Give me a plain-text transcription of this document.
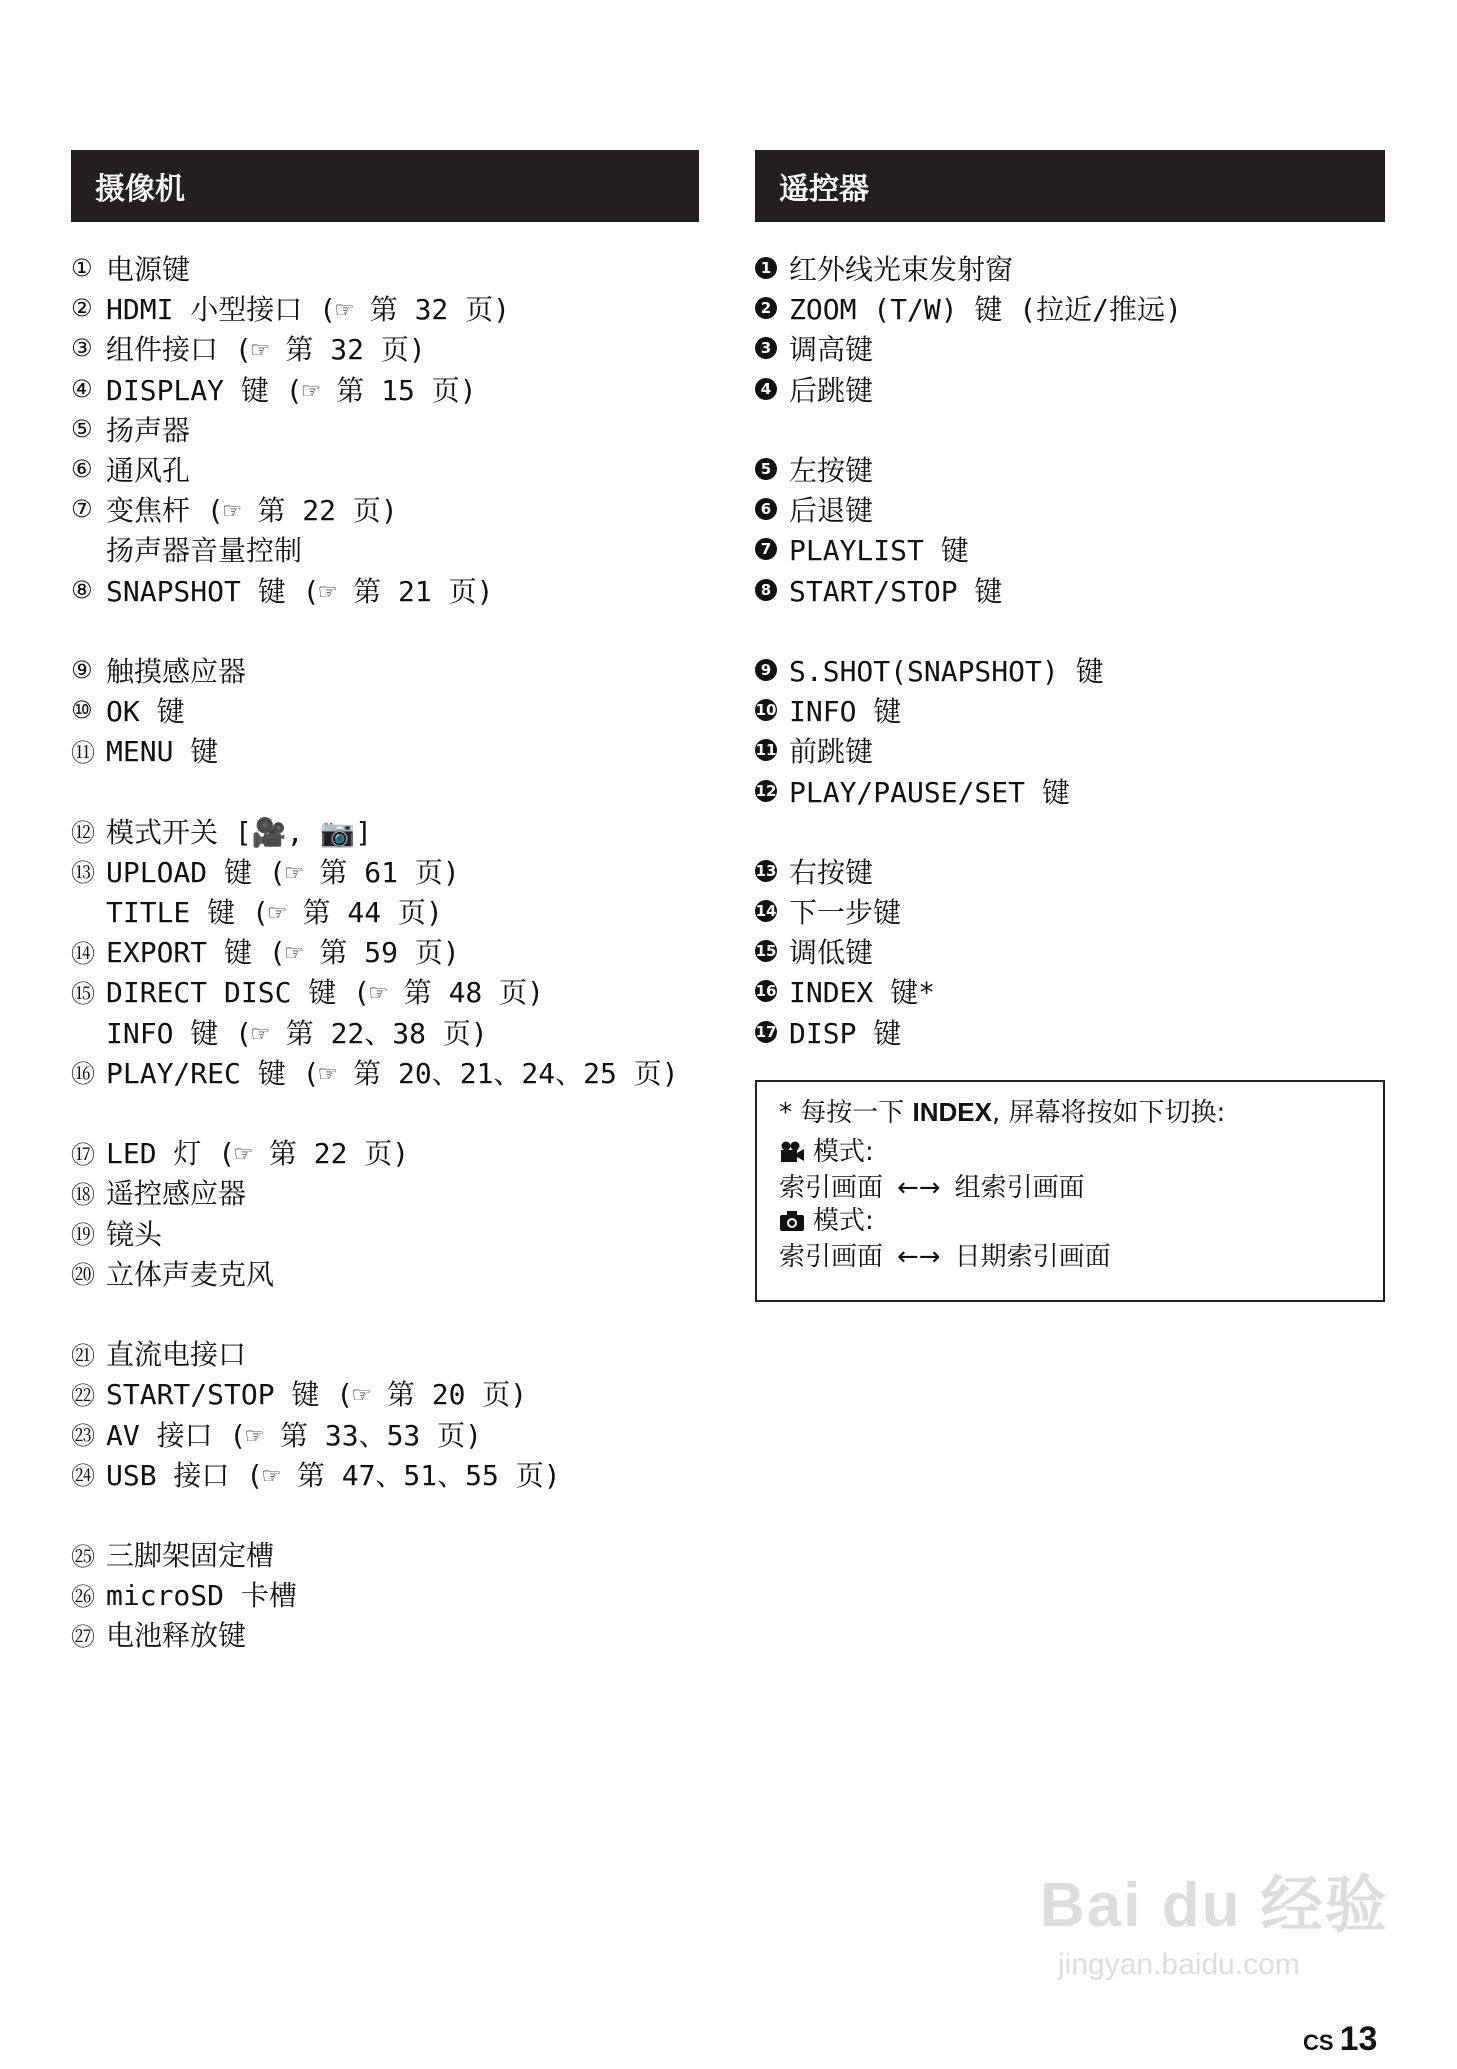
摄像机
① 电源键
② HDMI 小型接口 (☞ 第 32 页)
③ 组件接口 (☞ 第 32 页)
④ DISPLAY 键 (☞ 第 15 页)
⑤ 扬声器
⑥ 通风孔
⑦ 变焦杆 (☞ 第 22 页)
扬声器音量控制
⑧ SNAPSHOT 键 (☞ 第 21 页)
⑨ 触摸感应器
⑩ OK 键
⑪ MENU 键
⑫ 模式开关 [🎥, 📷]
⑬ UPLOAD 键 (☞ 第 61 页)
TITLE 键 (☞ 第 44 页)
⑭ EXPORT 键 (☞ 第 59 页)
⑮ DIRECT DISC 键 (☞ 第 48 页)
INFO 键 (☞ 第 22、38 页)
⑯ PLAY/REC 键 (☞ 第 20、21、24、25 页)
⑰ LED 灯 (☞ 第 22 页)
⑱ 遥控感应器
⑲ 镜头
⑳ 立体声麦克风
㉑ 直流电接口
㉒ START/STOP 键 (☞ 第 20 页)
㉓ AV 接口 (☞ 第 33、53 页)
㉔ USB 接口 (☞ 第 47、51、55 页)
㉕ 三脚架固定槽
㉖ microSD 卡槽
㉗ 电池释放键
遥控器
1 红外线光束发射窗
2 ZOOM (T/W) 键 (拉近/推远)
3 调高键
4 后跳键
5 左按键
6 后退键
7 PLAYLIST 键
8 START/STOP 键
9 S.SHOT(SNAPSHOT) 键
10 INFO 键
11 前跳键
12 PLAY/PAUSE/SET 键
13 右按键
14 下一步键
15 调低键
16 INDEX 键*
17 DISP 键
* 每按一下 INDEX, 屏幕将按如下切换:
模式:
索引画面 ←→ 组索引画面
模式:
索引画面 ←→ 日期索引画面
Bai du 经验
jingyan.baidu.com
CS 13
